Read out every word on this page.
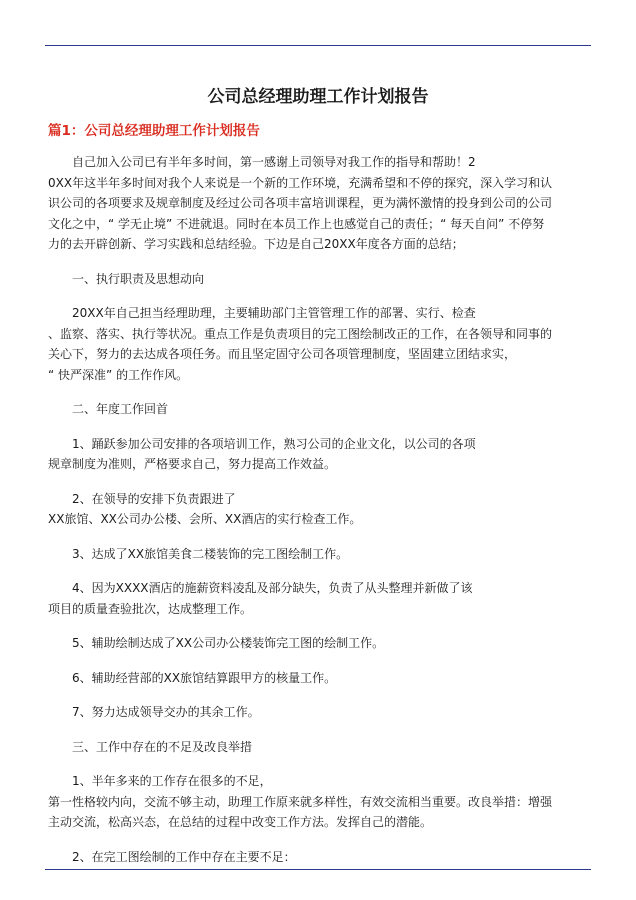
公司总经理助理工作计划报告
篇1：公司总经理助理工作计划报告
自己加入公司已有半年多时间，第一感谢上司领导对我工作的指导和帮助！2
0XX年这半年多时间对我个人来说是一个新的工作环境，充满希望和不停的探究，深入学习和认
识公司的各项要求及规章制度及经过公司各项丰富培训课程，更为满怀激情的投身到公司的公司
文化之中，“ 学无止境” 不进就退。同时在本员工作上也感觉自己的责任；“ 每天自问” 不停努
力的去开辟创新、学习实践和总结经验。下边是自己20XX年度各方面的总结；
一、执行职责及思想动向
20XX年自己担当经理助理，主要辅助部门主管管理工作的部署、实行、检查
、监察、落实、执行等状况。重点工作是负责项目的完工图绘制改正的工作，在各领导和同事的
关心下，努力的去达成各项任务。而且坚定固守公司各项管理制度，坚固建立团结求实，
“ 快严深准” 的工作作风。
二、年度工作回首
1、踊跃参加公司安排的各项培训工作，熟习公司的企业文化，以公司的各项
规章制度为准则，严格要求自己，努力提高工作效益。
2、在领导的安排下负责跟进了
XX旅馆、XX公司办公楼、会所、XX酒店的实行检查工作。
3、达成了XX旅馆美食二楼装饰的完工图绘制工作。
4、因为XXXX酒店的施薪资料凌乱及部分缺失，负责了从头整理并新做了该
项目的质量查验批次，达成整理工作。
5、辅助绘制达成了XX公司办公楼装饰完工图的绘制工作。
6、辅助经营部的XX旅馆结算跟甲方的核量工作。
7、努力达成领导交办的其余工作。
三、工作中存在的不足及改良举措
1、半年多来的工作存在很多的不足，
第一性格较内向，交流不够主动，助理工作原来就多样性，有效交流相当重要。改良举措：增强
主动交流，松高兴态，在总结的过程中改变工作方法。发挥自己的潜能。
2、在完工图绘制的工作中存在主要不足：
